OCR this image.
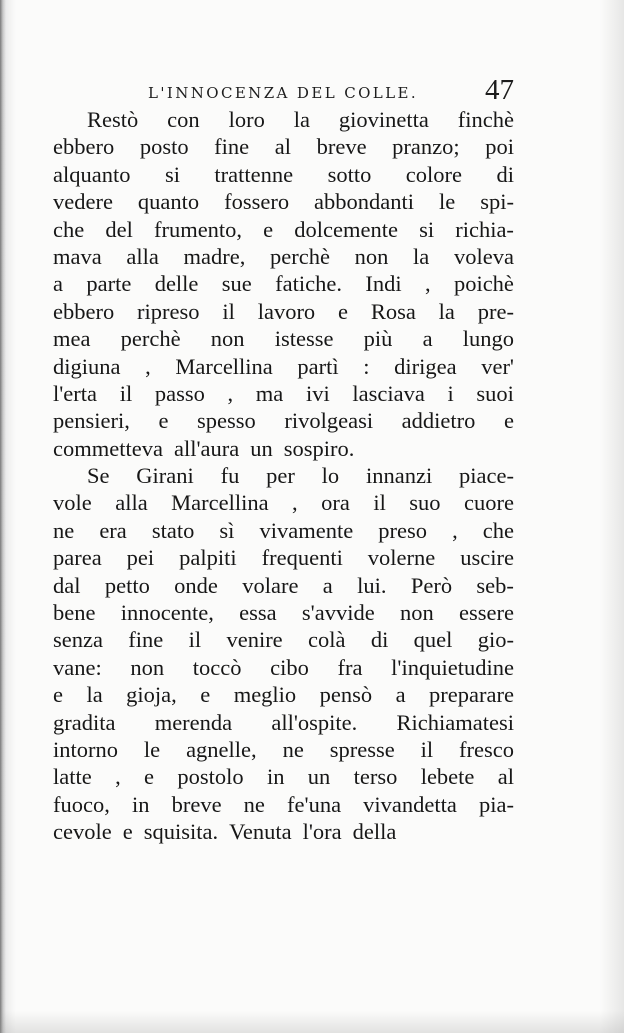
L'INNOCENZA DEL COLLE. 47
Restò con loro la giovinetta finchè
ebbero posto fine al breve pranzo; poi
alquanto si trattenne sotto colore di
vedere quanto fossero abbondanti le spi-
che del frumento, e dolcemente si richia-
mava alla madre, perchè non la voleva
a parte delle sue fatiche. Indi , poichè
ebbero ripreso il lavoro e Rosa la pre-
mea perchè non istesse più a lungo
digiuna , Marcellina partì : dirigea ver'
l'erta il passo , ma ivi lasciava i suoi
pensieri, e spesso rivolgeasi addietro e
commetteva all'aura un sospiro.
Se Girani fu per lo innanzi piace-
vole alla Marcellina , ora il suo cuore
ne era stato sì vivamente preso , che
parea pei palpiti frequenti volerne uscire
dal petto onde volare a lui. Però seb-
bene innocente, essa s'avvide non essere
senza fine il venire colà di quel gio-
vane: non toccò cibo fra l'inquietudine
e la gioja, e meglio pensò a preparare
gradita merenda all'ospite. Richiamatesi
intorno le agnelle, ne spresse il fresco
latte , e postolo in un terso lebete al
fuoco, in breve ne fe'una vivandetta pia-
cevole e squisita. Venuta l'ora della
